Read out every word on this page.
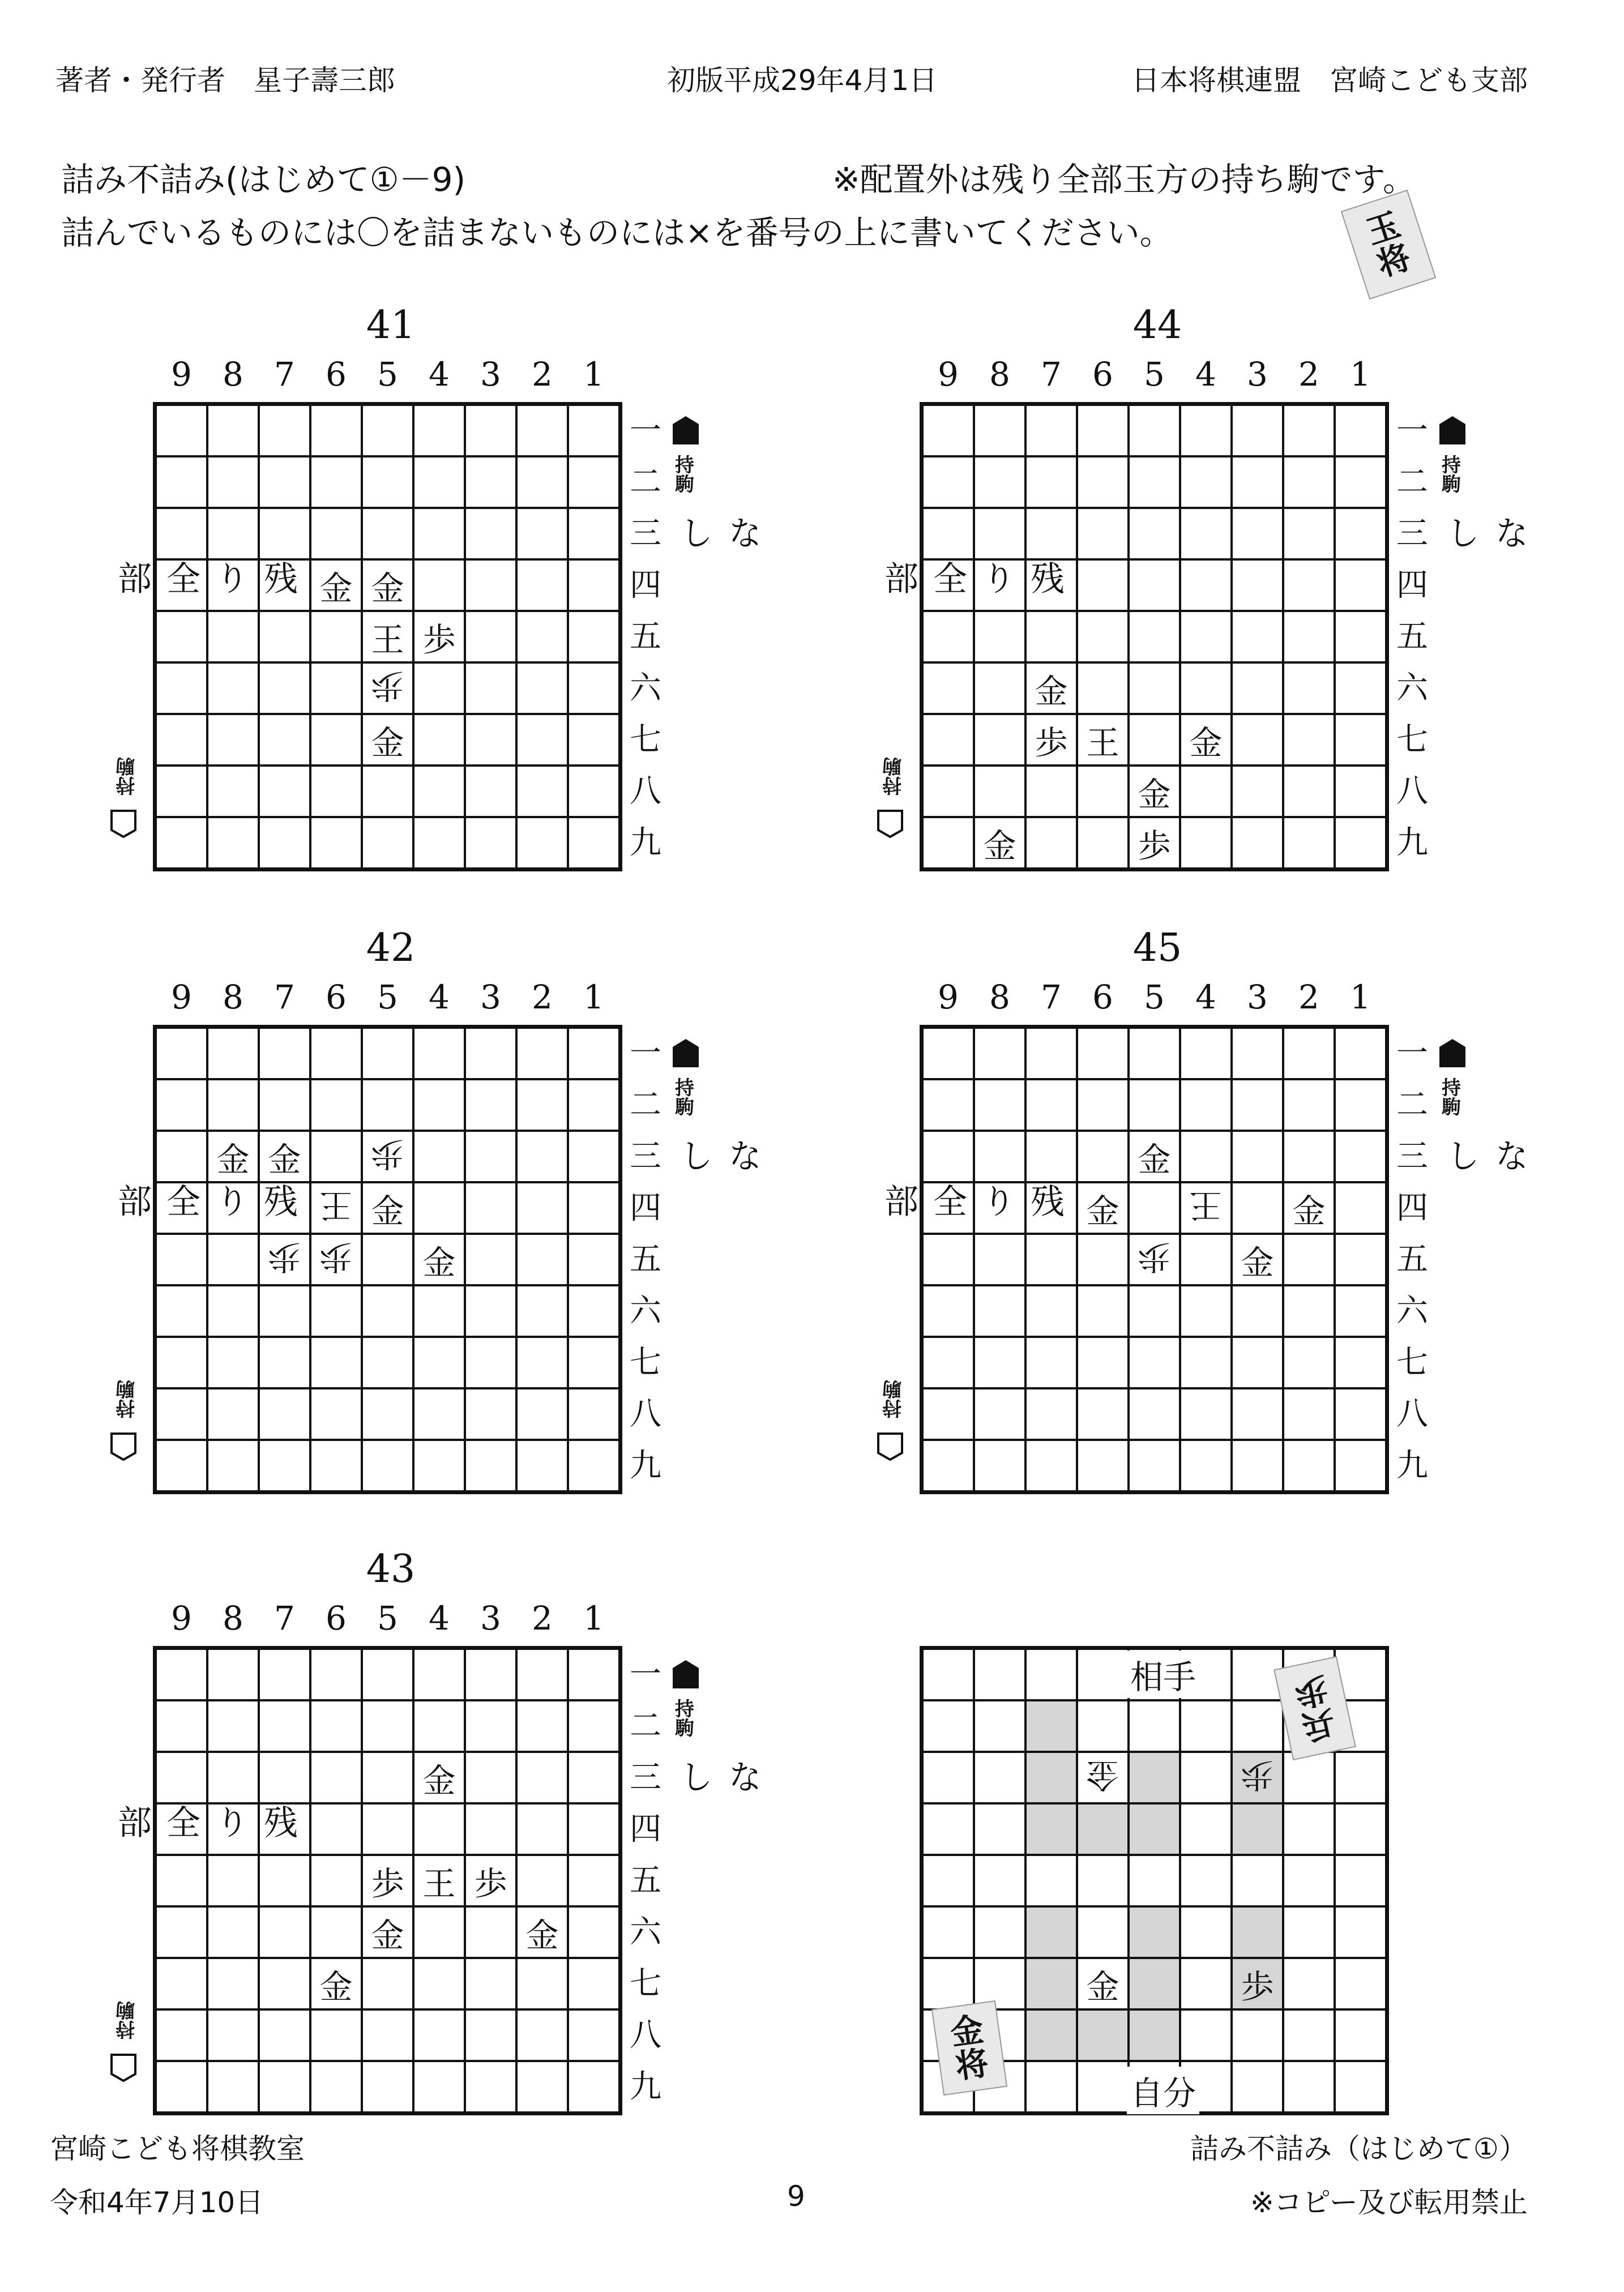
著者・発行者　星子壽三郎	初版平成29年4月1日	日本将棋連盟　宮崎こども支部
詰み不詰み(はじめて①－9)	※配置外は残り全部玉方の持ち駒です。
詰んでいるものには〇を詰まないものには×を番号の上に書いてください。	玉
将
41
9 8 7 6 5 4 3 2 1
金 金
王 歩
歩
金
一
二
三
四
五
六
七
八
九
持
駒
なし
残り全部
持
駒
44
9 8 7 6 5 4 3 2 1
金
歩 王 金
金
金	歩
一
二
三
四
五
六
七
八
九
持
駒
なし
残り全部
持
駒
42
9 8 7 6 5 4 3 2 1
金 金 歩
王 金
歩 歩 金
一
二
三
四
五
六
七
八
九
持
駒
なし
残り全部
持
駒
45
9 8 7 6 5 4 3 2 1
金
金 王 金
歩 金
一
二
三
四
五
六
七
八
九
持
駒
なし
残り全部
持
駒
43
9 8 7 6 5 4 3 2 1
金
歩 王 歩
金	金
金
一
二
三
四
五
六
七
八
九
持
駒
なし
残り全部
持
駒
金	歩
金	歩
相手
自分
歩
兵
金
将
宮崎こども将棋教室	詰み不詰み（はじめて①）
令和4年7月10日	9	※コピー及び転用禁止
